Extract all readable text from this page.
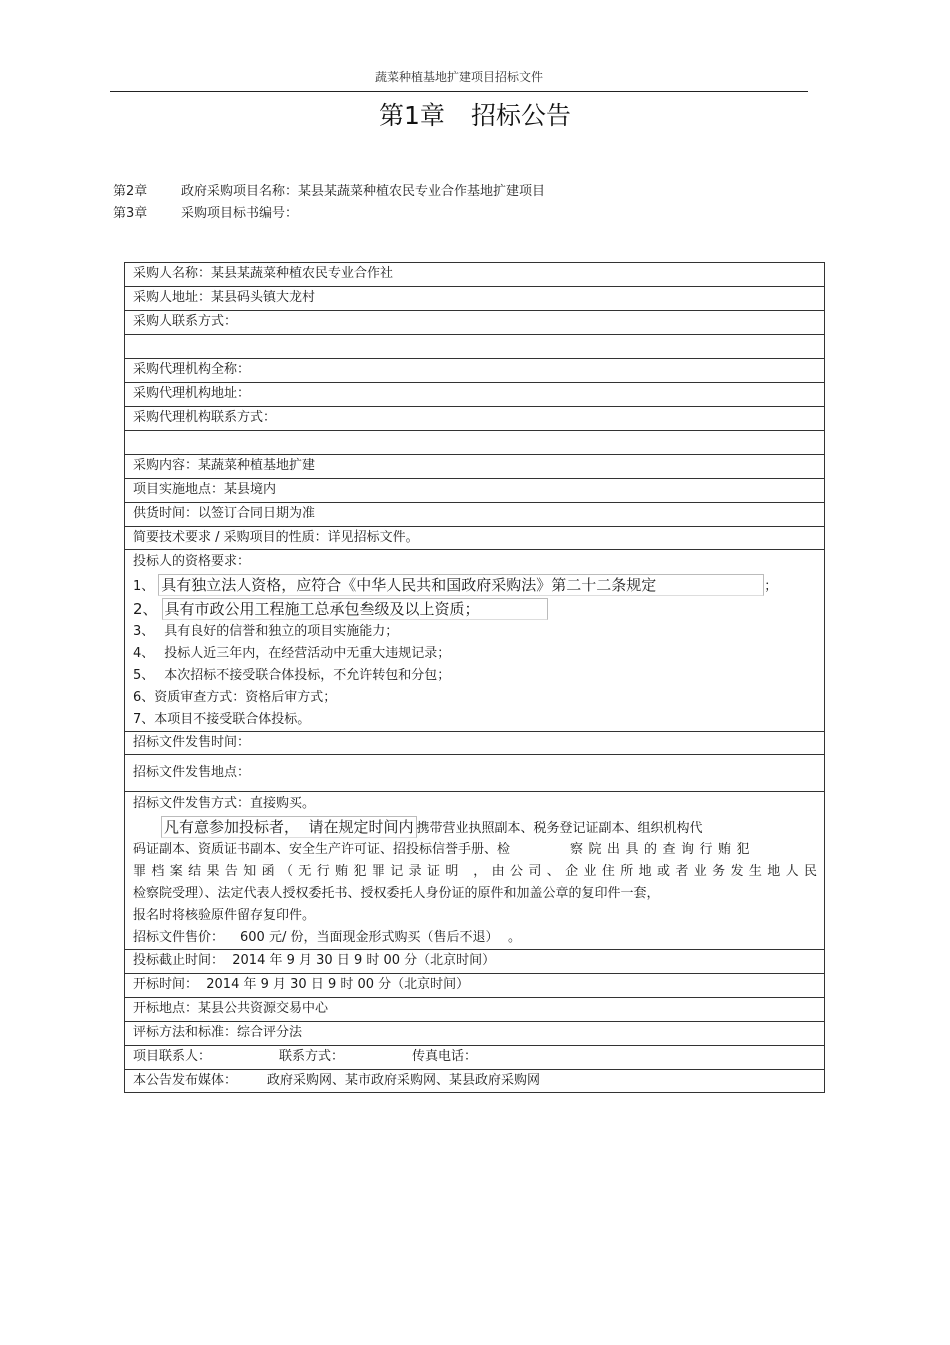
蔬菜种植基地扩建项目招标文件
第1章 招标公告
第2章	政府采购项目名称：某县某蔬菜种植农民专业合作基地扩建项目
第3章	采购项目标书编号：
采购人名称：某县某蔬菜种植农民专业合作社
采购人地址：某县码头镇大龙村
采购人联系方式：
采购代理机构全称：
采购代理机构地址：
采购代理机构联系方式：
采购内容：某蔬菜种植基地扩建
项目实施地点：某县境内
供货时间：以签订合同日期为准
简要技术要求 / 采购项目的性质：详见招标文件。
投标人的资格要求：
1、 具有独立法人资格，应符合《中华人民共和国政府采购法》第二十二条规定	；
2、 具有市政公用工程施工总承包叁级及以上资质；
3、 具有良好的信誉和独立的项目实施能力；
4、 投标人近三年内，在经营活动中无重大违规记录；
5、 本次招标不接受联合体投标，不允许转包和分包；
6、资质审查方式：资格后审方式；
7、本项目不接受联合体投标。
招标文件发售时间：
招标文件发售地点：
招标文件发售方式：直接购买。
凡有意参加投标者，  请在规定时间内 携带营业执照副本、税务登记证副本、组织机构代
码证副本、资质证书副本、安全生产许可证、招投标信誉手册、检	察院出具的查询行贿犯
罪档案结果告知函（无行贿犯罪记录证明 ，由公司、企业住所地或者业务发生地人民
检察院受理）、法定代表人授权委托书、授权委托人身份证的原件和加盖公章的复印件一套，
报名时将核验原件留存复印件。
招标文件售价： 600 元/ 份，当面现金形式购买（售后不退） 。
投标截止时间：  2014 年 9 月 30 日 9 时 00 分（北京时间）
开标时间：  2014 年 9 月 30 日 9 时 00 分（北京时间）
开标地点：某县公共资源交易中心
评标方法和标准：综合评分法
项目联系人：	联系方式：	传真电话：
本公告发布媒体： 政府采购网、某市政府采购网、某县政府采购网
